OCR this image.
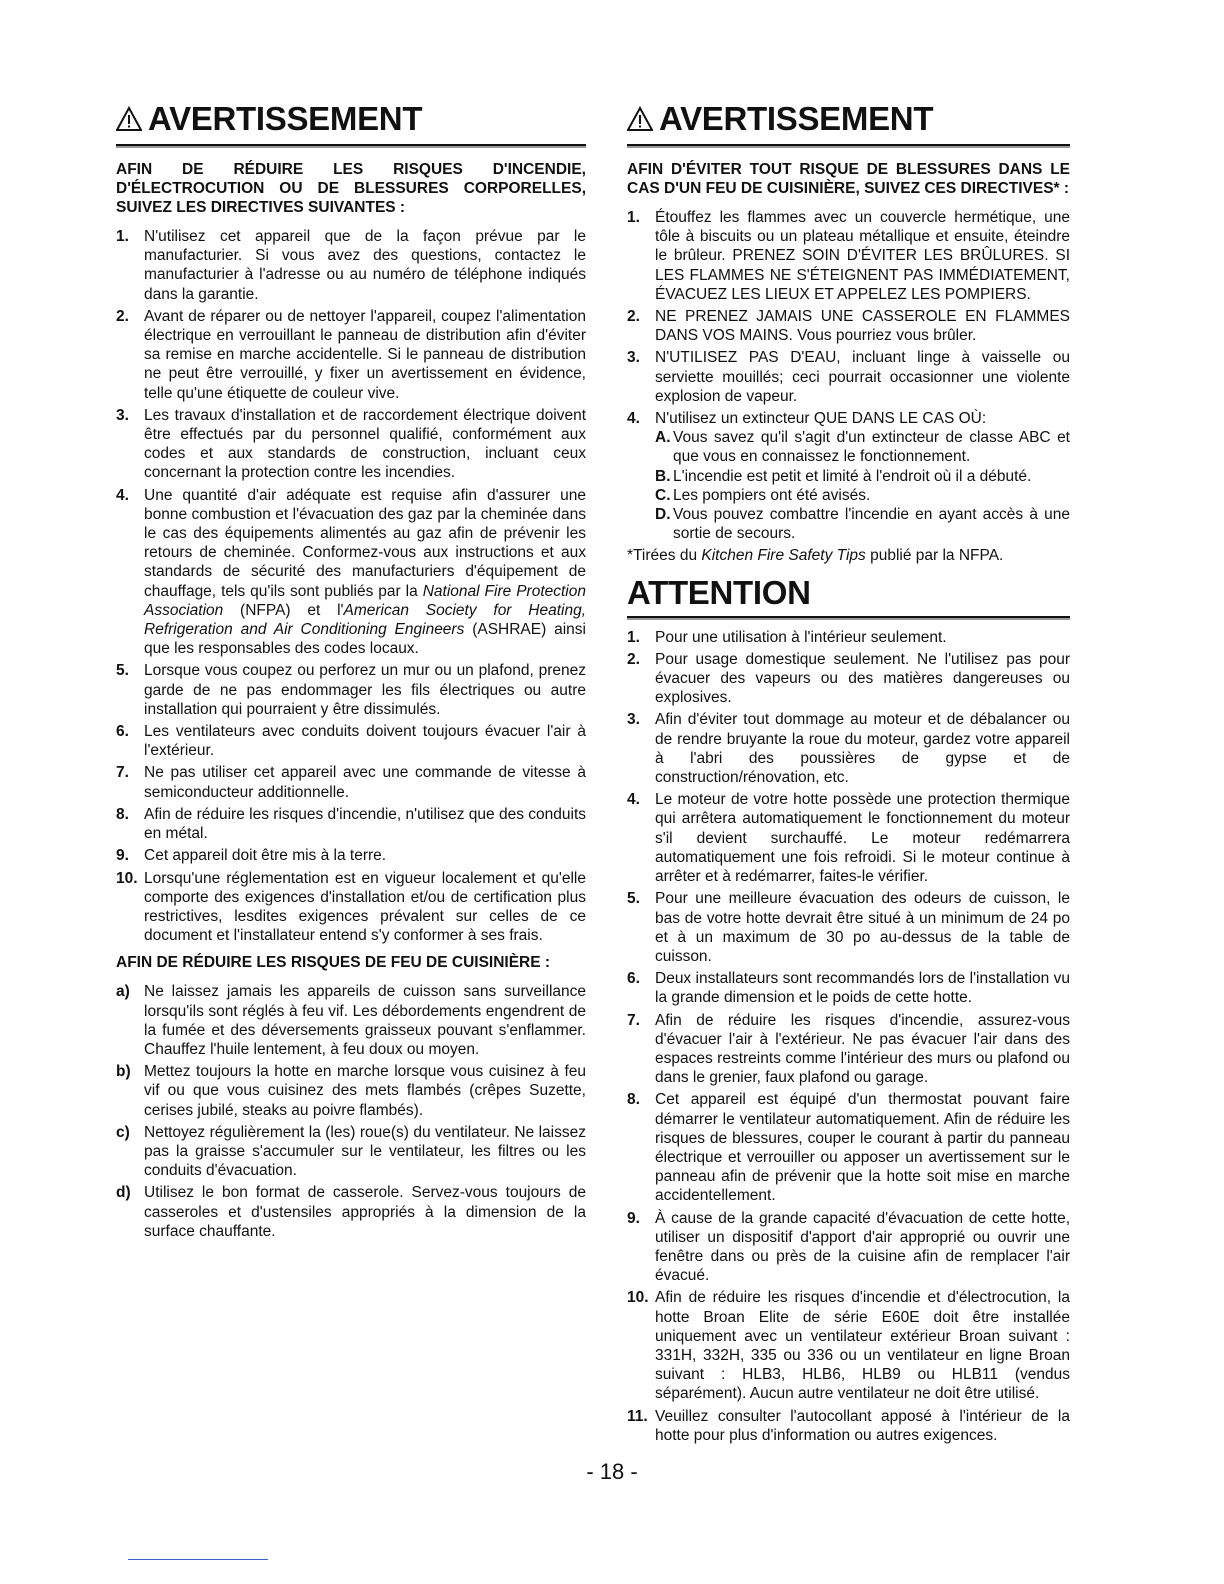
AVERTISSEMENT

AFIN DE RÉDUIRE LES RISQUES D'INCENDIE, D'ÉLECTROCUTION OU DE BLESSURES CORPORELLES, SUIVEZ LES DIRECTIVES SUIVANTES :

1. N'utilisez cet appareil que de la façon prévue par le manufacturier. Si vous avez des questions, contactez le manufacturier à l'adresse ou au numéro de téléphone indiqués dans la garantie.
2. Avant de réparer ou de nettoyer l'appareil, coupez l'alimentation électrique en verrouillant le panneau de distribution afin d'éviter sa remise en marche accidentelle. Si le panneau de distribution ne peut être verrouillé, y fixer un avertissement en évidence, telle qu'une étiquette de couleur vive.
3. Les travaux d'installation et de raccordement électrique doivent être effectués par du personnel qualifié, conformément aux codes et aux standards de construction, incluant ceux concernant la protection contre les incendies.
4. Une quantité d'air adéquate est requise afin d'assurer une bonne combustion et l'évacuation des gaz par la cheminée dans le cas des équipements alimentés au gaz afin de prévenir les retours de cheminée. Conformez-vous aux instructions et aux standards de sécurité des manufacturiers d'équipement de chauffage, tels qu'ils sont publiés par la National Fire Protection Association (NFPA) et l'American Society for Heating, Refrigeration and Air Conditioning Engineers (ASHRAE) ainsi que les responsables des codes locaux.
5. Lorsque vous coupez ou perforez un mur ou un plafond, prenez garde de ne pas endommager les fils électriques ou autre installation qui pourraient y être dissimulés.
6. Les ventilateurs avec conduits doivent toujours évacuer l'air à l'extérieur.
7. Ne pas utiliser cet appareil avec une commande de vitesse à semiconducteur additionnelle.
8. Afin de réduire les risques d'incendie, n'utilisez que des conduits en métal.
9. Cet appareil doit être mis à la terre.
10. Lorsqu'une réglementation est en vigueur localement et qu'elle comporte des exigences d'installation et/ou de certification plus restrictives, lesdites exigences prévalent sur celles de ce document et l'installateur entend s'y conformer à ses frais.

AFIN DE RÉDUIRE LES RISQUES DE FEU DE CUISINIÈRE :

a) Ne laissez jamais les appareils de cuisson sans surveillance lorsqu'ils sont réglés à feu vif. Les débordements engendrent de la fumée et des déversements graisseux pouvant s'enflammer. Chauffez l'huile lentement, à feu doux ou moyen.
b) Mettez toujours la hotte en marche lorsque vous cuisinez à feu vif ou que vous cuisinez des mets flambés (crêpes Suzette, cerises jubilé, steaks au poivre flambés).
c) Nettoyez régulièrement la (les) roue(s) du ventilateur. Ne laissez pas la graisse s'accumuler sur le ventilateur, les filtres ou les conduits d'évacuation.
d) Utilisez le bon format de casserole. Servez-vous toujours de casseroles et d'ustensiles appropriés à la dimension de la surface chauffante.
AVERTISSEMENT

AFIN D'ÉVITER TOUT RISQUE DE BLESSURES DANS LE CAS D'UN FEU DE CUISINIÈRE, SUIVEZ CES DIRECTIVES* :

1. Étouffez les flammes avec un couvercle hermétique, une tôle à biscuits ou un plateau métallique et ensuite, éteindre le brûleur. PRENEZ SOIN D'ÉVITER LES BRÛLURES. SI LES FLAMMES NE S'ÉTEIGNENT PAS IMMÉDIATEMENT, ÉVACUEZ LES LIEUX ET APPELEZ LES POMPIERS.
2. NE PRENEZ JAMAIS UNE CASSEROLE EN FLAMMES DANS VOS MAINS. Vous pourriez vous brûler.
3. N'UTILISEZ PAS D'EAU, incluant linge à vaisselle ou serviette mouillés; ceci pourrait occasionner une violente explosion de vapeur.
4. N'utilisez un extincteur QUE DANS LE CAS OÙ:
A. Vous savez qu'il s'agit d'un extincteur de classe ABC et que vous en connaissez le fonctionnement.
B. L'incendie est petit et limité à l'endroit où il a débuté.
C. Les pompiers ont été avisés.
D. Vous pouvez combattre l'incendie en ayant accès à une sortie de secours.

*Tirées du Kitchen Fire Safety Tips publié par la NFPA.

ATTENTION
1. Pour une utilisation à l'intérieur seulement.
2. Pour usage domestique seulement. Ne l'utilisez pas pour évacuer des vapeurs ou des matières dangereuses ou explosives.
3. Afin d'éviter tout dommage au moteur et de débalancer ou de rendre bruyante la roue du moteur, gardez votre appareil à l'abri des poussières de gypse et de construction/rénovation, etc.
4. Le moteur de votre hotte possède une protection thermique qui arrêtera automatiquement le fonctionnement du moteur s'il devient surchauffé. Le moteur redémarrera automatiquement une fois refroidi. Si le moteur continue à arrêter et à redémarrer, faites-le vérifier.
5. Pour une meilleure évacuation des odeurs de cuisson, le bas de votre hotte devrait être situé à un minimum de 24 po et à un maximum de 30 po au-dessus de la table de cuisson.
6. Deux installateurs sont recommandés lors de l'installation vu la grande dimension et le poids de cette hotte.
7. Afin de réduire les risques d'incendie, assurez-vous d'évacuer l'air à l'extérieur. Ne pas évacuer l'air dans des espaces restreints comme l'intérieur des murs ou plafond ou dans le grenier, faux plafond ou garage.
8. Cet appareil est équipé d'un thermostat pouvant faire démarrer le ventilateur automatiquement. Afin de réduire les risques de blessures, couper le courant à partir du panneau électrique et verrouiller ou apposer un avertissement sur le panneau afin de prévenir que la hotte soit mise en marche accidentellement.
9. À cause de la grande capacité d'évacuation de cette hotte, utiliser un dispositif d'apport d'air approprié ou ouvrir une fenêtre dans ou près de la cuisine afin de remplacer l'air évacué.
10. Afin de réduire les risques d'incendie et d'électrocution, la hotte Broan Elite de série E60E doit être installée uniquement avec un ventilateur extérieur Broan suivant : 331H, 332H, 335 ou 336 ou un ventilateur en ligne Broan suivant : HLB3, HLB6, HLB9 ou HLB11 (vendus séparément). Aucun autre ventilateur ne doit être utilisé.
11. Veuillez consulter l'autocollant apposé à l'intérieur de la hotte pour plus d'information ou autres exigences.
- 18 -
